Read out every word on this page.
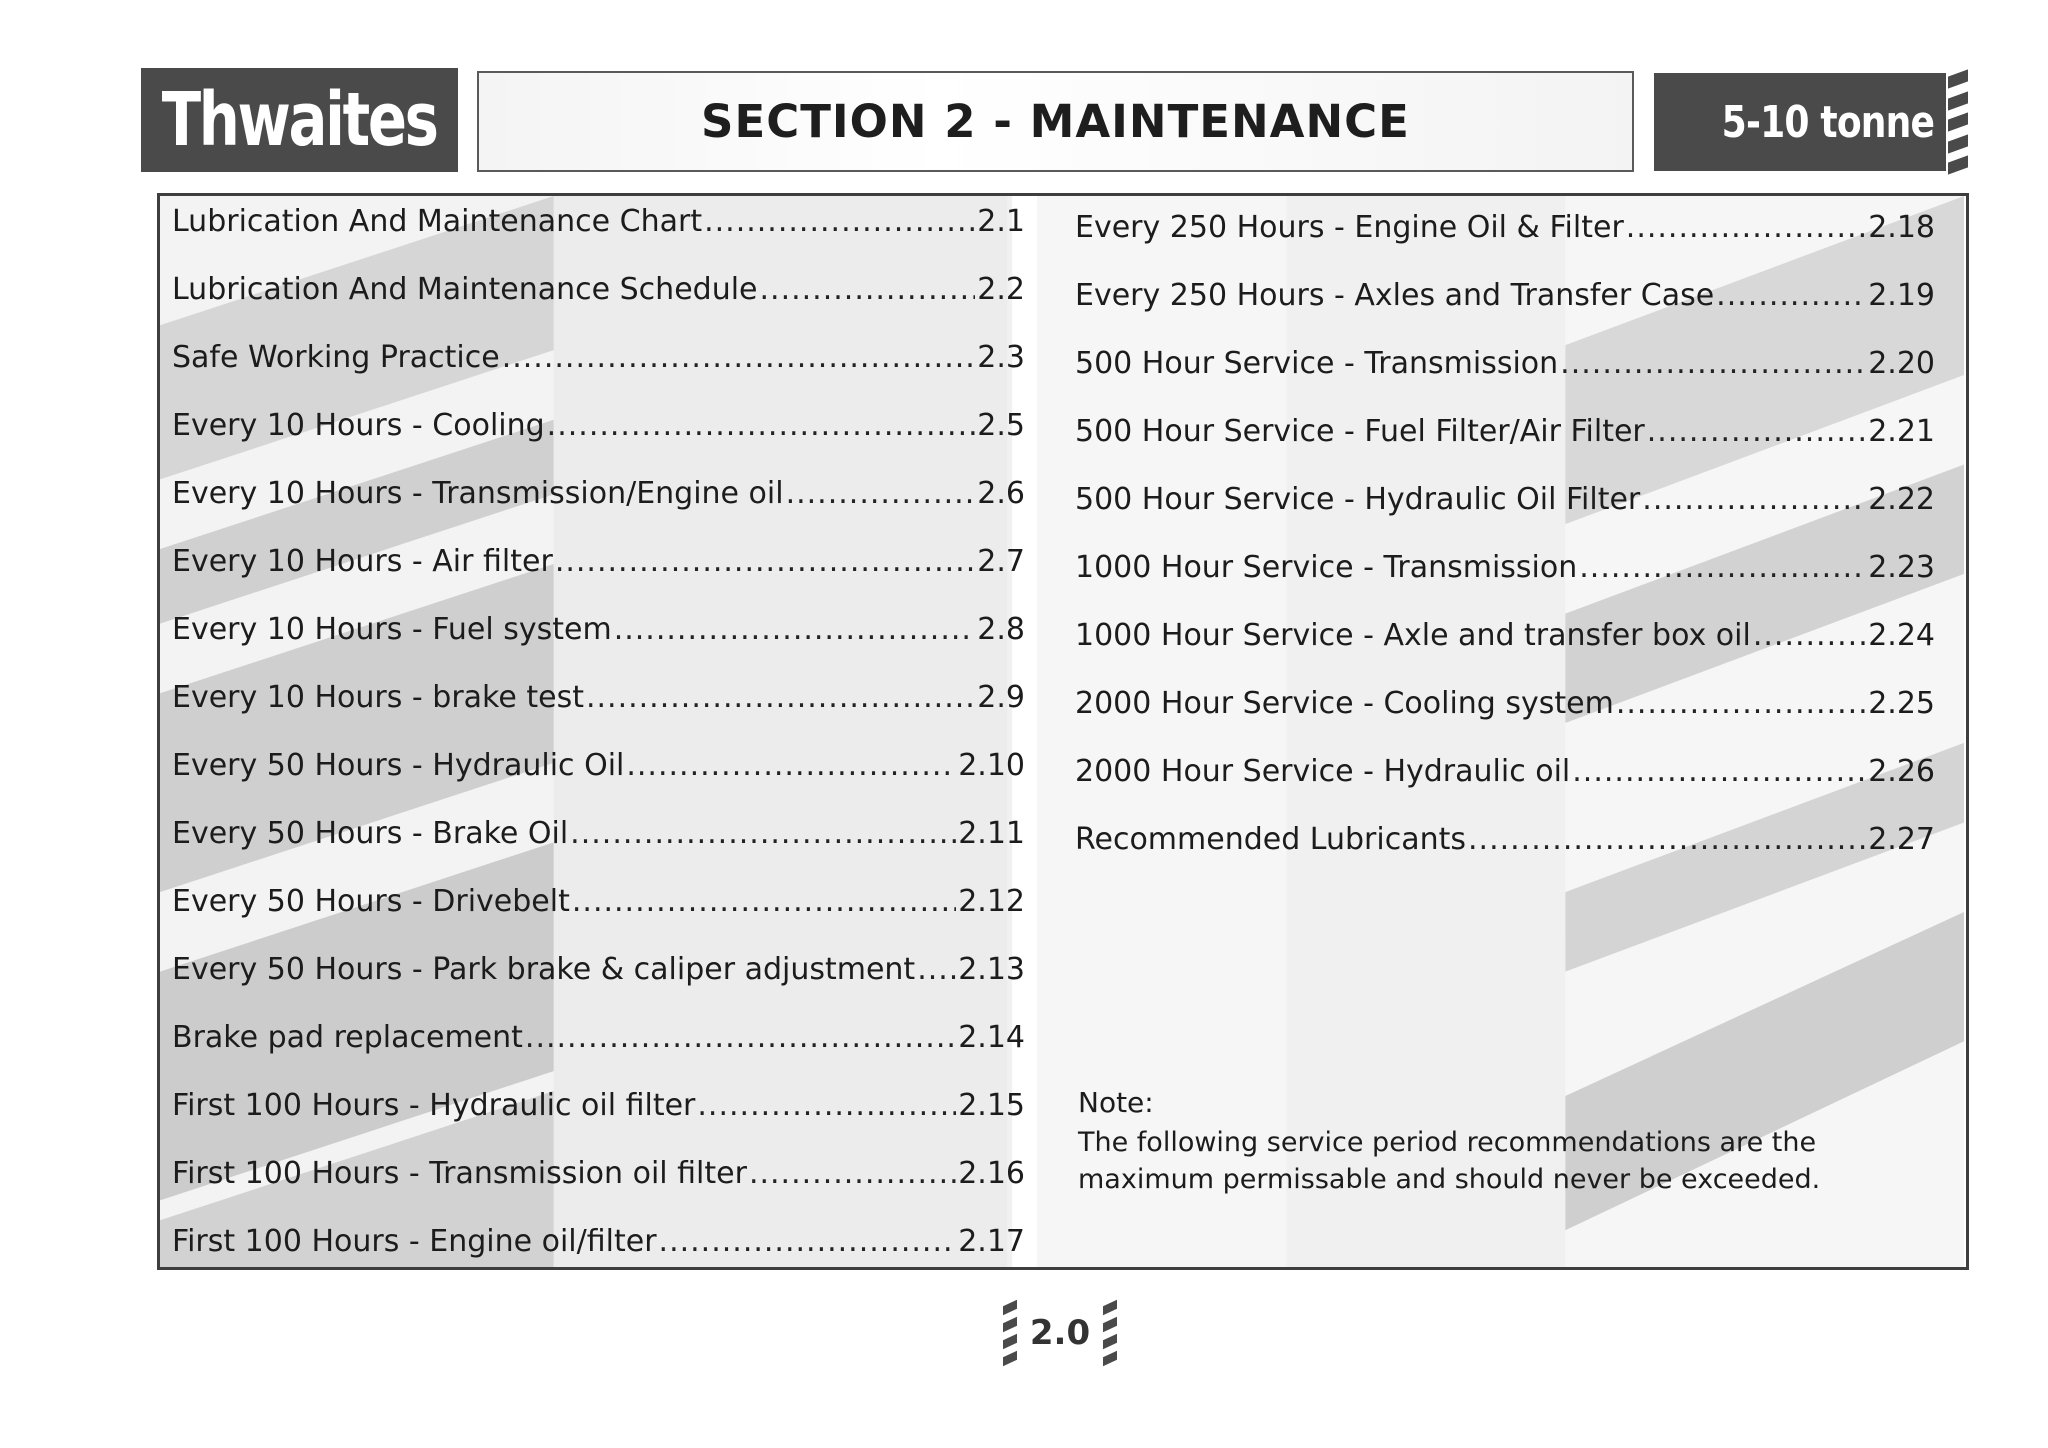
Thwaites	SECTION 2 - MAINTENANCE	5-10 tonne
Lubrication And Maintenance Chart .....	2.1
Lubrication And Maintenance Schedule .....	2.2
Safe Working Practice .....	2.3
Every 10 Hours - Cooling .....	2.5
Every 10 Hours - Transmission/Engine oil .....	2.6
Every 10 Hours - Air filter .....	2.7
Every 10 Hours - Fuel system .....	2.8
Every 10 Hours - brake test .....	2.9
Every 50 Hours - Hydraulic Oil .....	2.10
Every 50 Hours - Brake Oil .....	2.11
Every 50 Hours - Drivebelt .....	2.12
Every 50 Hours - Park brake & caliper adjustment ..... 2.13
Brake pad replacement .....	2.14
First 100 Hours - Hydraulic oil filter .....	2.15
First 100 Hours - Transmission oil filter .....	2.16
First 100 Hours - Engine oil/filter .....	2.17
Every 250 Hours - Engine Oil & Filter .....	2.18
Every 250 Hours - Axles and Transfer Case .....	2.19
500 Hour Service - Transmission .....	2.20
500 Hour Service - Fuel Filter/Air Filter .....	2.21
500 Hour Service - Hydraulic Oil Filter .....	2.22
1000 Hour Service - Transmission .....	2.23
1000 Hour Service - Axle and transfer box oil .....	2.24
2000 Hour Service - Cooling system .....	2.25
2000 Hour Service - Hydraulic oil .....	2.26
Recommended Lubricants .....	2.27
Note:
The following service period recommendations are the maximum permissable and should never be exceeded.
2.0
